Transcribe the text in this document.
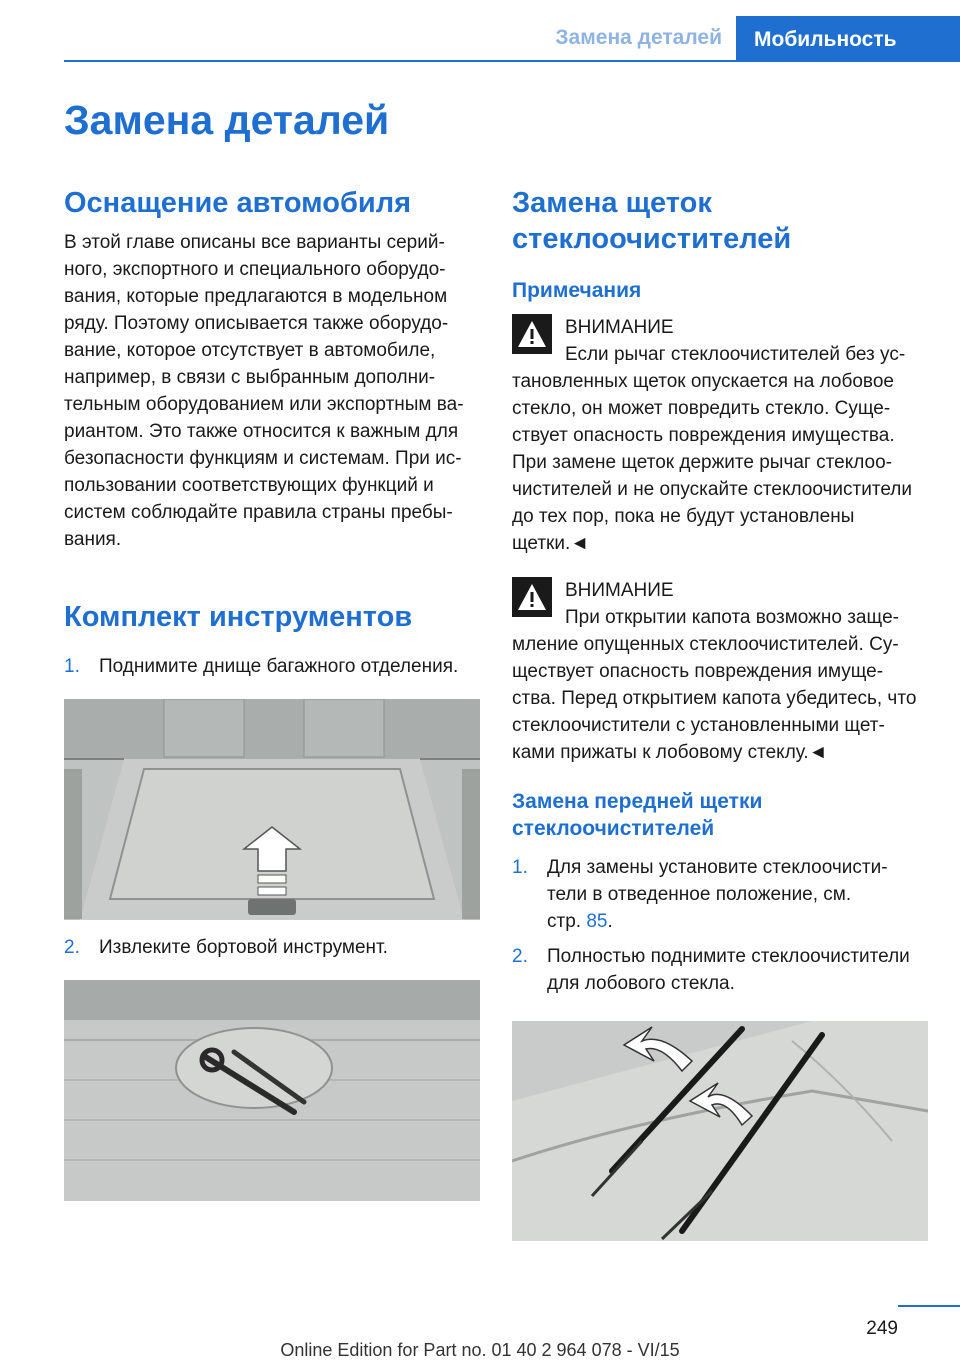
Замена деталей	Мобильность
Замена деталей
Оснащение автомобиля

В этой главе описаны все варианты серий-
ного, экспортного и специального оборудо-
вания, которые предлагаются в модельном
ряду. Поэтому описывается также оборудо-
вание, которое отсутствует в автомобиле,
например, в связи с выбранным дополни-
тельным оборудованием или экспортным ва-
риантом. Это также относится к важным для
безопасности функциям и системам. При ис-
пользовании соответствующих функций и
систем соблюдайте правила страны пребы-
вания.

Комплект инструментов
1.	Поднимите днище багажного отделения.
2.	Извлеките бортовой инструмент.
Замена щеток
стеклоочистителей
Примечания
ВНИМАНИЕ
Если рычаг стеклоочистителей без ус-
тановленных щеток опускается на лобовое
стекло, он может повредить стекло. Суще-
ствует опасность повреждения имущества.
При замене щеток держите рычаг стеклоо-
чистителей и не опускайте стеклоочистители
до тех пор, пока не будут установлены
щетки.◄
ВНИМАНИЕ
При открытии капота возможно защe-
мление опущенных стеклоочистителей. Су-
ществует опасность повреждения имуще-
ства. Перед открытием капота убедитесь, что
стеклоочистители с установленными щет-
ками прижаты к лобовому стеклу.◄
Замена передней щетки
стеклоочистителей
1.	Для замены установите стеклоочисти-
тели в отведенное положение, см.
стр. 85.
2.	Полностью поднимите стеклоочистители
для лобового стекла.
249
Online Edition for Part no. 01 40 2 964 078 - VI/15
